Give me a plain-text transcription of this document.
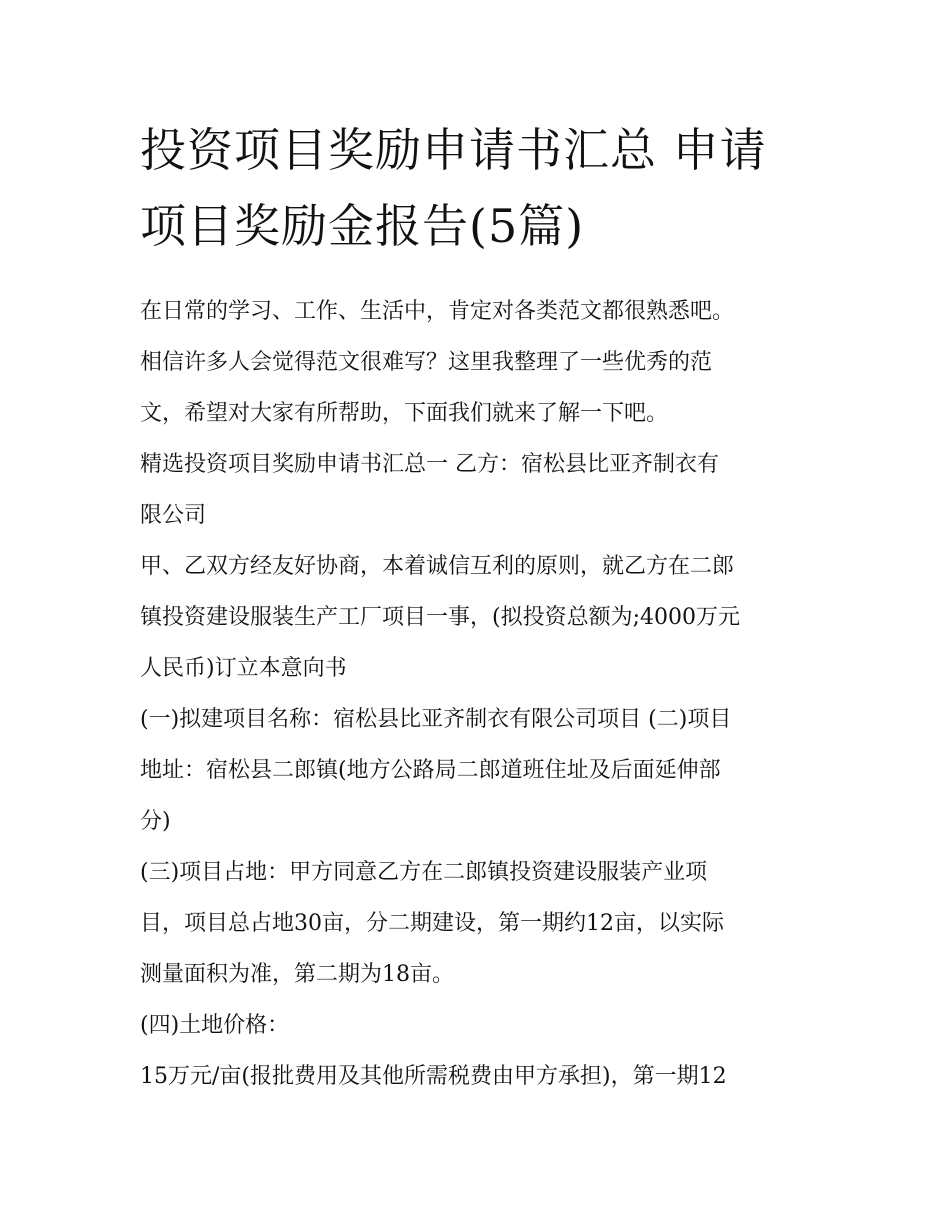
投资项目奖励申请书汇总 申请
项目奖励金报告(5篇)

在日常的学习、工作、生活中，肯定对各类范文都很熟悉吧。
相信许多人会觉得范文很难写？这里我整理了一些优秀的范
文，希望对大家有所帮助，下面我们就来了解一下吧。

精选投资项目奖励申请书汇总一 乙方：宿松县比亚齐制衣有
限公司

甲、乙双方经友好协商，本着诚信互利的原则，就乙方在二郎
镇投资建设服装生产工厂项目一事，(拟投资总额为;4000万元
人民币)订立本意向书

(一)拟建项目名称：宿松县比亚齐制衣有限公司项目 (二)项目
地址：宿松县二郎镇(地方公路局二郎道班住址及后面延伸部
分)

(三)项目占地：甲方同意乙方在二郎镇投资建设服装产业项
目，项目总占地30亩，分二期建设，第一期约12亩，以实际
测量面积为准，第二期为18亩。

(四)土地价格：

15万元/亩(报批费用及其他所需税费由甲方承担)，第一期12
